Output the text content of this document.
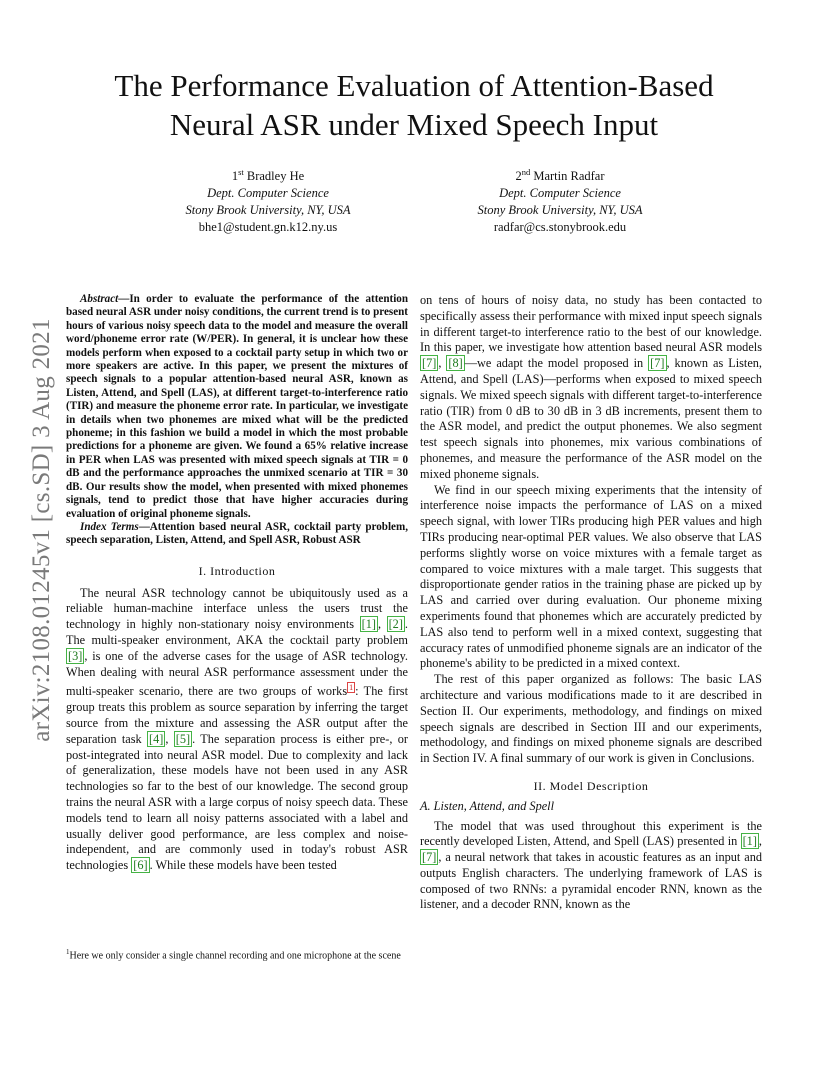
arXiv:2108.01245v1 [cs.SD] 3 Aug 2021
The Performance Evaluation of Attention-Based
Neural ASR under Mixed Speech Input
1st Bradley He
Dept. Computer Science
Stony Brook University, NY, USA
bhe1@student.gn.k12.ny.us
2nd Martin Radfar
Dept. Computer Science
Stony Brook University, NY, USA
radfar@cs.stonybrook.edu

Abstract—In order to evaluate the performance of the attention based neural ASR under noisy conditions, the current trend is to present hours of various noisy speech data to the model and measure the overall word/phoneme error rate (W/PER). In general, it is unclear how these models perform when exposed to a cocktail party setup in which two or more speakers are active. In this paper, we present the mixtures of speech signals to a popular attention-based neural ASR, known as Listen, Attend, and Spell (LAS), at different target-to-interference ratio (TIR) and measure the phoneme error rate. In particular, we investigate in details when two phonemes are mixed what will be the predicted phoneme; in this fashion we build a model in which the most probable predictions for a phoneme are given. We found a 65% relative increase in PER when LAS was presented with mixed speech signals at TIR = 0 dB and the performance approaches the unmixed scenario at TIR = 30 dB. Our results show the model, when presented with mixed phonemes signals, tend to predict those that have higher accuracies during evaluation of original phoneme signals.

Index Terms—Attention based neural ASR, cocktail party problem, speech separation, Listen, Attend, and Spell ASR, Robust ASR

I. Introduction

The neural ASR technology cannot be ubiquitously used as a reliable human-machine interface unless the users trust the technology in highly non-stationary noisy environments [1] , [2] . The multi-speaker environment, AKA the cocktail party problem [3] , is one of the adverse cases for the usage of ASR technology. When dealing with neural ASR performance assessment under the multi-speaker scenario, there are two groups of works $^1$ : The first group treats this problem as source separation by inferring the target source from the mixture and assessing the ASR output after the separation task [4] , [5] . The separation process is either pre-, or post-integrated into neural ASR model. Due to complexity and lack of generalization, these models have not been used in any ASR technologies so far to the best of our knowledge. The second group trains the neural ASR with a large corpus of noisy speech data. These models tend to learn all noisy patterns associated with a label and usually deliver good performance, are less complex and noise-independent, and are commonly used in today's robust ASR technologies [6] . While these models have been tested

$^1$Here we only consider a single channel recording and one microphone at the scene

on tens of hours of noisy data, no study has been contacted to specifically assess their performance with mixed input speech signals in different target-to interference ratio to the best of our knowledge. In this paper, we investigate how attention based neural ASR models [7] , [8] —we adapt the model proposed in [7] , known as Listen, Attend, and Spell (LAS)—performs when exposed to mixed speech signals. We mixed speech signals with different target-to-interference ratio (TIR) from 0 dB to 30 dB in 3 dB increments, present them to the ASR model, and predict the output phonemes. We also segment test speech signals into phonemes, mix various combinations of phonemes, and measure the performance of the ASR model on the mixed phoneme signals.

We find in our speech mixing experiments that the intensity of interference noise impacts the performance of LAS on a mixed speech signal, with lower TIRs producing high PER values and high TIRs producing near-optimal PER values. We also observe that LAS performs slightly worse on voice mixtures with a female target as compared to voice mixtures with a male target. This suggests that disproportionate gender ratios in the training phase are picked up by LAS and carried over during evaluation. Our phoneme mixing experiments found that phonemes which are accurately predicted by LAS also tend to perform well in a mixed context, suggesting that accuracy rates of unmodified phoneme signals are an indicator of the phoneme's ability to be predicted in a mixed context.

The rest of this paper organized as follows: The basic LAS architecture and various modifications made to it are described in Section II. Our experiments, methodology, and findings on mixed speech signals are described in Section III and our experiments, methodology, and findings on mixed phoneme signals are described in Section IV. A final summary of our work is given in Conclusions.

II. Model Description
A. Listen, Attend, and Spell

The model that was used throughout this experiment is the recently developed Listen, Attend, and Spell (LAS) presented in [1] , [7] , a neural network that takes in acoustic features as an input and outputs English characters. The underlying framework of LAS is composed of two RNNs: a pyramidal encoder RNN, known as the listener, and a decoder RNN, known as the
